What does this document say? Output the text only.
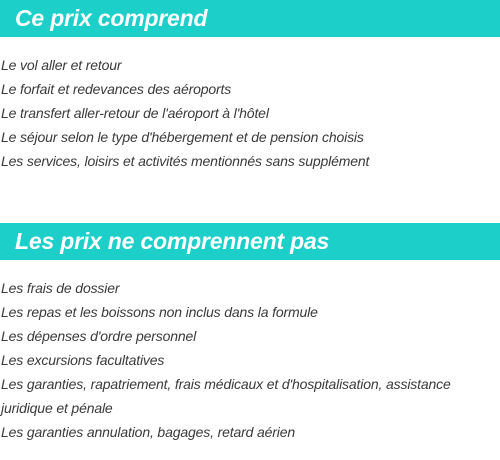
Ce prix comprend
Le vol aller et retour
Le forfait et redevances des aéroports
Le transfert aller-retour de l'aéroport à l'hôtel
Le séjour selon le type d'hébergement et de pension choisis
Les services, loisirs et activités mentionnés sans supplément
Les prix ne comprennent pas
Les frais de dossier
Les repas et les boissons non inclus dans la formule
Les dépenses d'ordre personnel
Les excursions facultatives
Les garanties, rapatriement, frais médicaux et d'hospitalisation, assistance juridique et pénale
Les garanties annulation, bagages, retard aérien
